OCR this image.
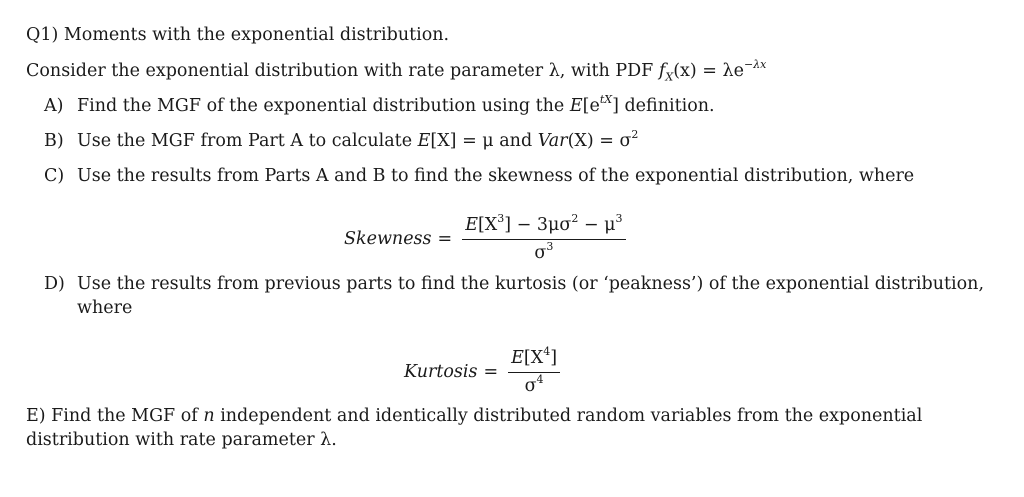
Q1) Moments with the exponential distribution.
Consider the exponential distribution with rate parameter λ, with PDF $f_X(x) = \lambda e^{-\lambda x}$
A) Find the MGF of the exponential distribution using the $E[e^{tX}]$ definition.
B) Use the MGF from Part A to calculate E[X] = μ and $Var(X) = \sigma^2$
C) Use the results from Parts A and B to find the skewness of the exponential distribution, where
Skewness = $\frac{E[X^3] - 3\mu\sigma^2 - \mu^3}{\sigma^3}$
D) Use the results from previous parts to find the kurtosis (or ‘peakness’) of the exponential distribution,
where
Kurtosis = $\frac{E[X^4]}{\sigma^4}$
E) Find the MGF of n independent and identically distributed random variables from the exponential
distribution with rate parameter λ.
